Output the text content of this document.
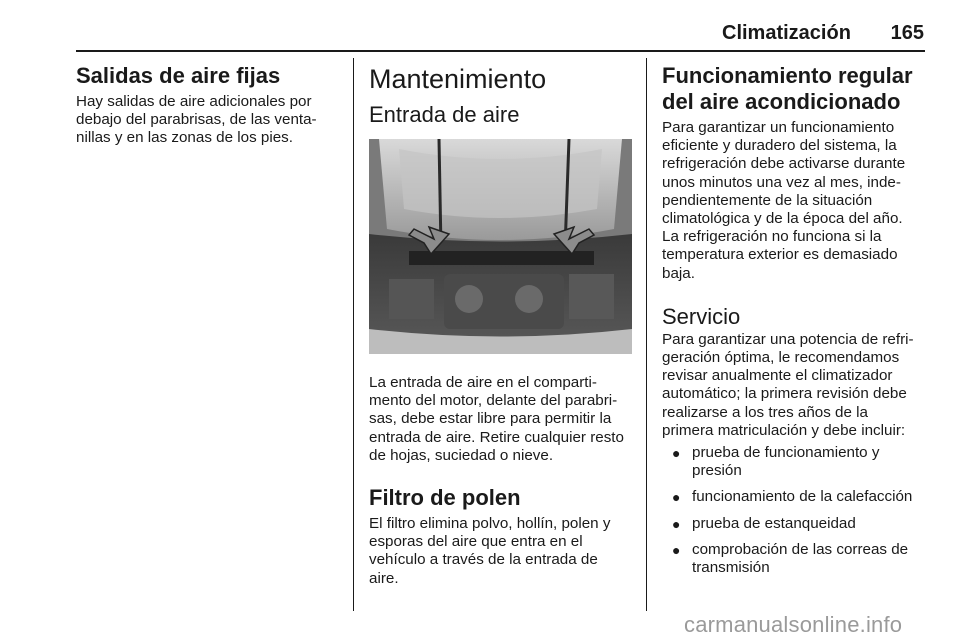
Climatización	165
Salidas de aire fijas
Hay salidas de aire adicionales por
debajo del parabrisas, de las venta-
nillas y en las zonas de los pies.
Mantenimiento
Entrada de aire
La entrada de aire en el comparti-
mento del motor, delante del parabri-
sas, debe estar libre para permitir la
entrada de aire. Retire cualquier resto
de hojas, suciedad o nieve.
Filtro de polen
El filtro elimina polvo, hollín, polen y
esporas del aire que entra en el
vehículo a través de la entrada de
aire.
Funcionamiento regular del aire acondicionado
Para garantizar un funcionamiento
eficiente y duradero del sistema, la
refrigeración debe activarse durante
unos minutos una vez al mes, inde-
pendientemente de la situación
climatológica y de la época del año.
La refrigeración no funciona si la
temperatura exterior es demasiado
baja.
Servicio
Para garantizar una potencia de refri-
geración óptima, le recomendamos
revisar anualmente el climatizador
automático; la primera revisión debe
realizarse a los tres años de la
primera matriculación y debe incluir:
● prueba de funcionamiento y
presión
● funcionamiento de la calefacción
● prueba de estanqueidad
● comprobación de las correas de
transmisión
carmanualsonline.info
